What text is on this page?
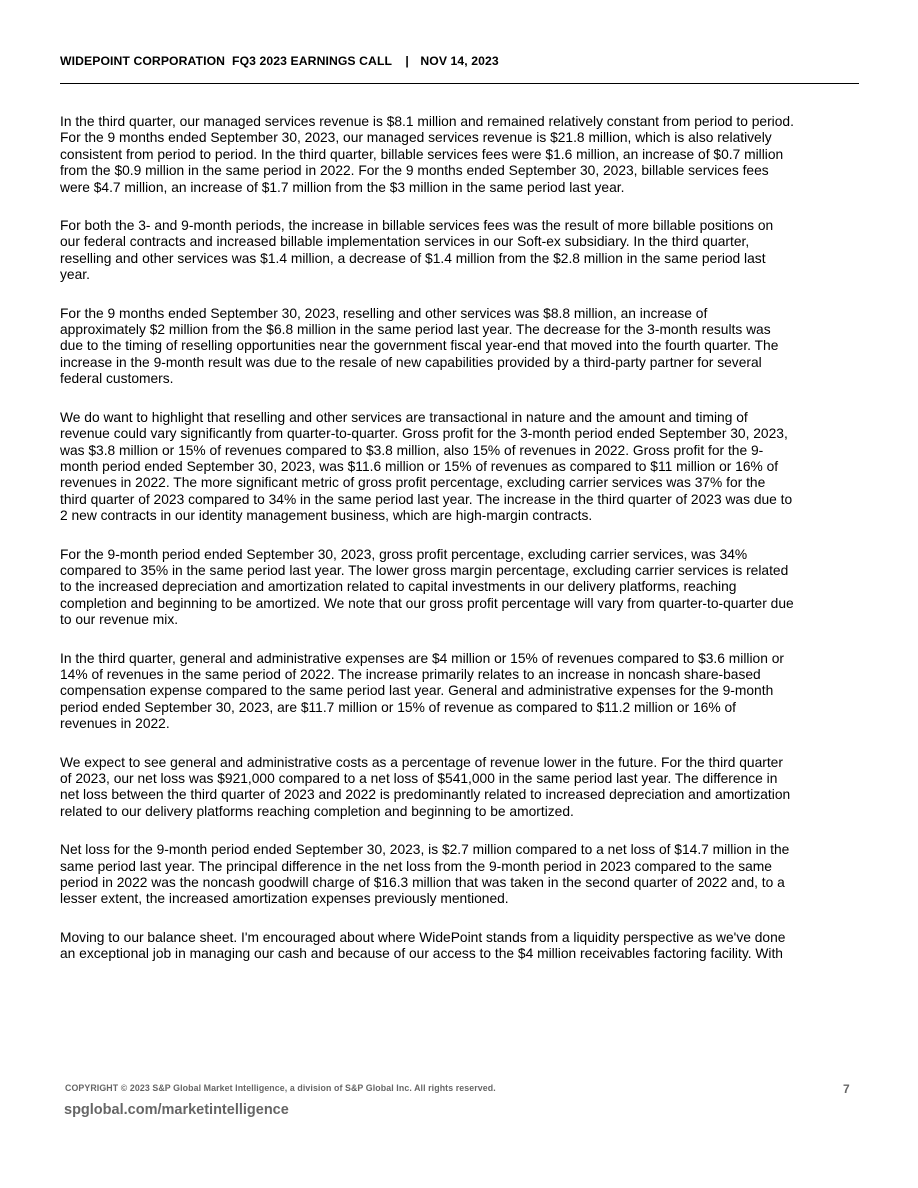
WIDEPOINT CORPORATION FQ3 2023 EARNINGS CALL | NOV 14, 2023
In the third quarter, our managed services revenue is $8.1 million and remained relatively constant from period to period.
For the 9 months ended September 30, 2023, our managed services revenue is $21.8 million, which is also relatively
consistent from period to period. In the third quarter, billable services fees were $1.6 million, an increase of $0.7 million
from the $0.9 million in the same period in 2022. For the 9 months ended September 30, 2023, billable services fees
were $4.7 million, an increase of $1.7 million from the $3 million in the same period last year.
For both the 3- and 9-month periods, the increase in billable services fees was the result of more billable positions on
our federal contracts and increased billable implementation services in our Soft-ex subsidiary. In the third quarter,
reselling and other services was $1.4 million, a decrease of $1.4 million from the $2.8 million in the same period last
year.
For the 9 months ended September 30, 2023, reselling and other services was $8.8 million, an increase of
approximately $2 million from the $6.8 million in the same period last year. The decrease for the 3-month results was
due to the timing of reselling opportunities near the government fiscal year-end that moved into the fourth quarter. The
increase in the 9-month result was due to the resale of new capabilities provided by a third-party partner for several
federal customers.
We do want to highlight that reselling and other services are transactional in nature and the amount and timing of
revenue could vary significantly from quarter-to-quarter. Gross profit for the 3-month period ended September 30, 2023,
was $3.8 million or 15% of revenues compared to $3.8 million, also 15% of revenues in 2022. Gross profit for the 9-
month period ended September 30, 2023, was $11.6 million or 15% of revenues as compared to $11 million or 16% of
revenues in 2022. The more significant metric of gross profit percentage, excluding carrier services was 37% for the
third quarter of 2023 compared to 34% in the same period last year. The increase in the third quarter of 2023 was due to
2 new contracts in our identity management business, which are high-margin contracts.
For the 9-month period ended September 30, 2023, gross profit percentage, excluding carrier services, was 34%
compared to 35% in the same period last year. The lower gross margin percentage, excluding carrier services is related
to the increased depreciation and amortization related to capital investments in our delivery platforms, reaching
completion and beginning to be amortized. We note that our gross profit percentage will vary from quarter-to-quarter due
to our revenue mix.
In the third quarter, general and administrative expenses are $4 million or 15% of revenues compared to $3.6 million or
14% of revenues in the same period of 2022. The increase primarily relates to an increase in noncash share-based
compensation expense compared to the same period last year. General and administrative expenses for the 9-month
period ended September 30, 2023, are $11.7 million or 15% of revenue as compared to $11.2 million or 16% of
revenues in 2022.
We expect to see general and administrative costs as a percentage of revenue lower in the future. For the third quarter
of 2023, our net loss was $921,000 compared to a net loss of $541,000 in the same period last year. The difference in
net loss between the third quarter of 2023 and 2022 is predominantly related to increased depreciation and amortization
related to our delivery platforms reaching completion and beginning to be amortized.
Net loss for the 9-month period ended September 30, 2023, is $2.7 million compared to a net loss of $14.7 million in the
same period last year. The principal difference in the net loss from the 9-month period in 2023 compared to the same
period in 2022 was the noncash goodwill charge of $16.3 million that was taken in the second quarter of 2022 and, to a
lesser extent, the increased amortization expenses previously mentioned.
Moving to our balance sheet. I'm encouraged about where WidePoint stands from a liquidity perspective as we've done
an exceptional job in managing our cash and because of our access to the $4 million receivables factoring facility. With
COPYRIGHT © 2023 S&P Global Market Intelligence, a division of S&P Global Inc. All rights reserved.	7
spglobal.com/marketintelligence
